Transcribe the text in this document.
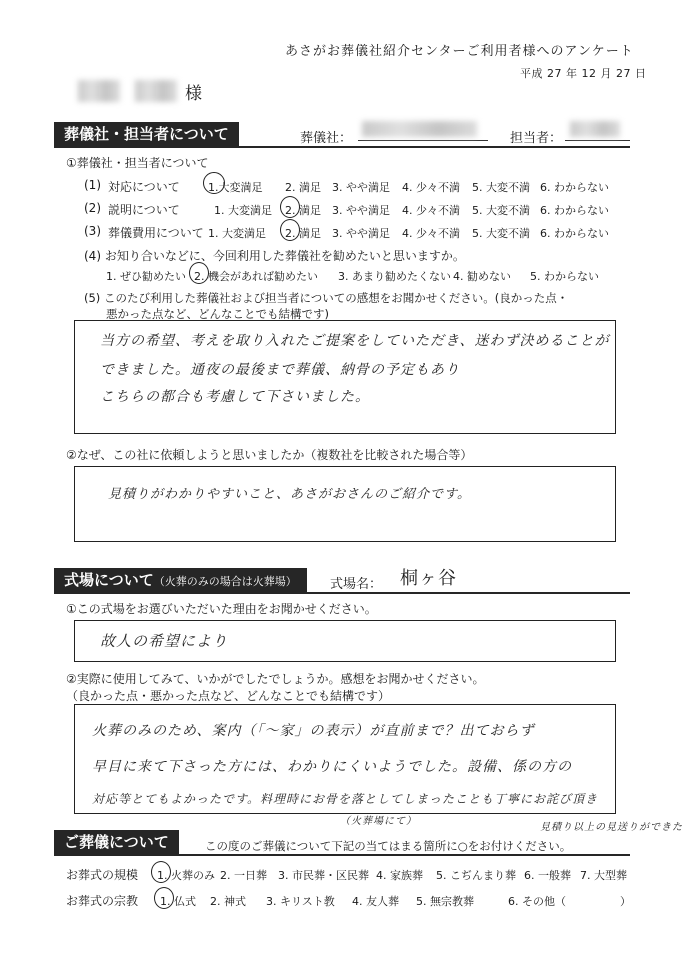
あさがお葬儀社紹介センターご利用者様へのアンケート
平成 27 年 12 月 27 日
様
葬儀社・担当者について	葬儀社：	担当者：
①葬儀社・担当者について
(1) 対応について	1.大変満足 2. 満足 3. やや満足 4. 少々不満 5. 大変不満 6. わからない
(2) 説明について	1. 大変満足 2. 満足 3. やや満足 4. 少々不満 5. 大変不満 6. わからない
(3) 葬儀費用について 1. 大変満足 2. 満足 3. やや満足 4. 少々不満 5. 大変不満 6. わからない
(4) お知り合いなどに、今回利用した葬儀社を勧めたいと思いますか。
1. ぜひ勧めたい 2. 機会があれば勧めたい 3. あまり勧めたくない 4. 勧めない 5. わからない
(5) このたび利用した葬儀社および担当者についての感想をお聞かせください。(良かった点・
悪かった点など、どんなことでも結構です)
当方の希望、考えを取り入れたご提案をしていただき、迷わず決めることが
できました。通夜の最後まで葬儀、納骨の予定もあり
こちらの都合も考慮して下さいました。
②なぜ、この社に依頼しようと思いましたか（複数社を比較された場合等）
見積りがわかりやすいこと、あさがおさんのご紹介です。
式場について（火葬のみの場合は火葬場）	式場名： 桐ヶ谷
①この式場をお選びいただいた理由をお聞かせください。
故人の希望により
②実際に使用してみて、いかがでしたでしょうか。感想をお聞かせください。
（良かった点・悪かった点など、どんなことでも結構です）
火葬のみのため、案内（「～家」の表示）が直前まで？出ておらず
早目に来て下さった方には、わかりにくいようでした。設備、係の方の
対応等とてもよかったです。料理時にお骨を落としてしまったことも丁寧にお詫び頂き
（火葬場にて）
見積り以上の見送りができた
ご葬儀について	この度のご葬儀について下記の当てはまる箇所に○をお付けください。
お葬式の規模 1. 火葬のみ 2. 一日葬 3. 市民葬・区民葬 4. 家族葬 5. こぢんまり葬 6. 一般葬 7. 大型葬
お葬式の宗教 1. 仏式 2. 神式 3. キリスト教 4. 友人葬 5. 無宗教葬	6. その他（	）
